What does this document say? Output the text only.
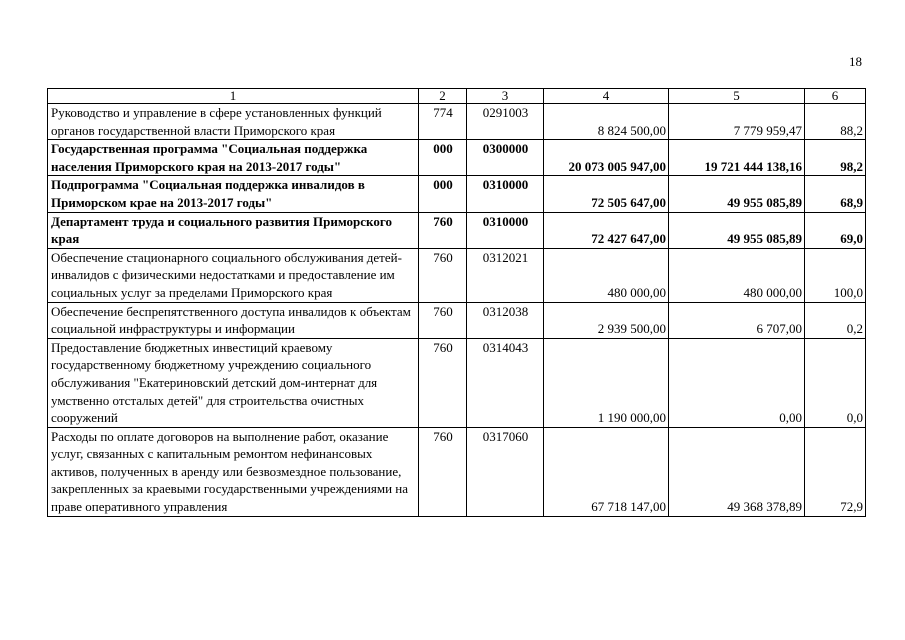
18
1	2	3	4	5	6
Руководство и управление в сфере установленных функций органов государственной власти Приморского края	774	0291003	8 824 500,00	7 779 959,47	88,2
Государственная программа "Социальная поддержка населения Приморского края на 2013-2017 годы"	000	0300000	20 073 005 947,00	19 721 444 138,16	98,2
Подпрограмма "Социальная поддержка инвалидов в Приморском крае на 2013-2017 годы"	000	0310000	72 505 647,00	49 955 085,89	68,9
Департамент труда и социального развития Приморского края	760	0310000	72 427 647,00	49 955 085,89	69,0
Обеспечение стационарного социального обслуживания детей-инвалидов с физическими недостатками и предоставление им социальных услуг за пределами Приморского края	760	0312021	480 000,00	480 000,00	100,0
Обеспечение беспрепятственного доступа инвалидов к объектам социальной инфраструктуры и информации	760	0312038	2 939 500,00	6 707,00	0,2
Предоставление бюджетных инвестиций краевому государственному бюджетному учреждению социального обслуживания "Екатериновский детский дом-интернат для умственно отсталых детей" для строительства очистных сооружений	760	0314043	1 190 000,00	0,00	0,0
Расходы по оплате договоров на выполнение работ, оказание услуг, связанных с капитальным ремонтом нефинансовых активов, полученных в аренду или безвозмездное пользование, закрепленных за краевыми государственными учреждениями на праве оперативного управления	760	0317060	67 718 147,00	49 368 378,89	72,9
